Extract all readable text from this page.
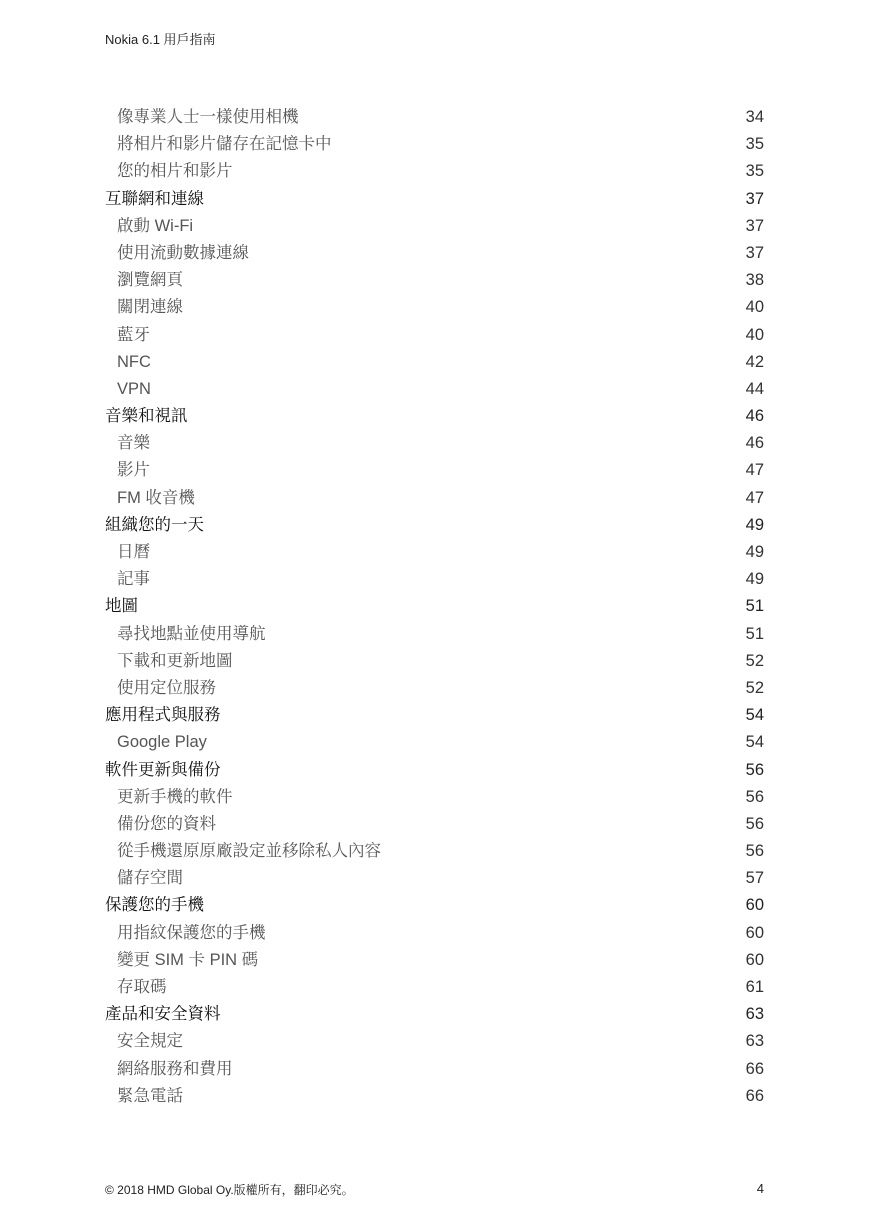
Nokia 6.1 用戶指南
像專業人士一樣使用相機	34
將相片和影片儲存在記憶卡中	35
您的相片和影片	35
互聯網和連線	37
啟動 Wi-Fi	37
使用流動數據連線	37
瀏覽網頁	38
關閉連線	40
藍牙	40
NFC	42
VPN	44
音樂和視訊	46
音樂	46
影片	47
FM 收音機	47
組織您的一天	49
日曆	49
記事	49
地圖	51
尋找地點並使用導航	51
下載和更新地圖	52
使用定位服務	52
應用程式與服務	54
Google Play	54
軟件更新與備份	56
更新手機的軟件	56
備份您的資料	56
從手機還原原廠設定並移除私人內容	56
儲存空間	57
保護您的手機	60
用指紋保護您的手機	60
變更 SIM 卡 PIN 碼	60
存取碼	61
產品和安全資料	63
安全規定	63
網絡服務和費用	66
緊急電話	66
© 2018 HMD Global Oy.版權所有，翻印必究。	4
